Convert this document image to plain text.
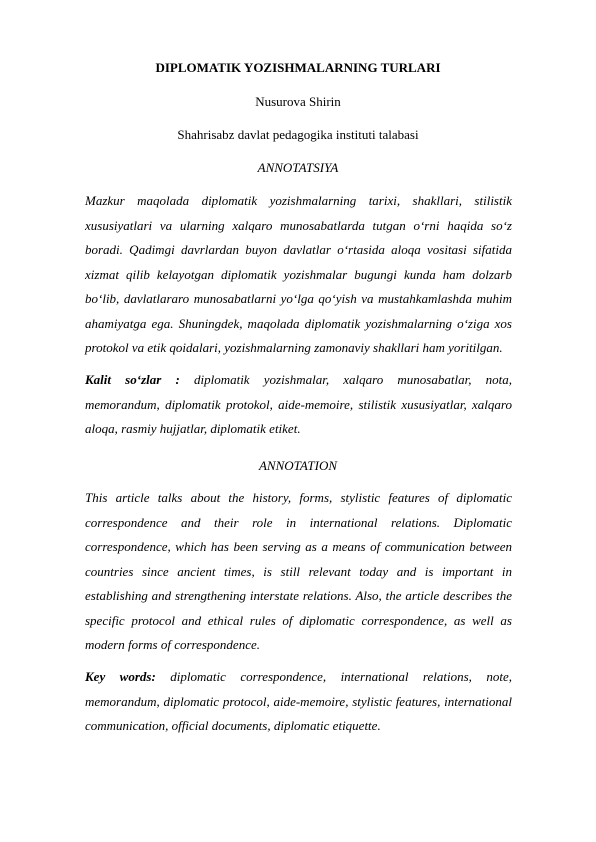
DIPLOMATIK YOZISHMALARNING TURLARI
Nusurova Shirin
Shahrisabz davlat pedagogika instituti talabasi
ANNOTATSIYA
Mazkur maqolada diplomatik yozishmalarning tarixi, shakllari, stilistik xususiyatlari va ularning xalqaro munosabatlarda tutgan o‘rni haqida so‘z boradi. Qadimgi davrlardan buyon davlatlar o‘rtasida aloqa vositasi sifatida xizmat qilib kelayotgan diplomatik yozishmalar bugungi kunda ham dolzarb bo‘lib, davlatlararo munosabatlarni yo‘lga qo‘yish va mustahkamlashda muhim ahamiyatga ega. Shuningdek, maqolada diplomatik yozishmalarning o‘ziga xos protokol va etik qoidalari, yozishmalarning zamonaviy shakllari ham yoritilgan.
Kalit so‘zlar : diplomatik yozishmalar, xalqaro munosabatlar, nota, memorandum, diplomatik protokol, aide-memoire, stilistik xususiyatlar, xalqaro aloqa, rasmiy hujjatlar, diplomatik etiket.
ANNOTATION
This article talks about the history, forms, stylistic features of diplomatic correspondence and their role in international relations. Diplomatic correspondence, which has been serving as a means of communication between countries since ancient times, is still relevant today and is important in establishing and strengthening interstate relations. Also, the article describes the specific protocol and ethical rules of diplomatic correspondence, as well as modern forms of correspondence.
Key words: diplomatic correspondence, international relations, note, memorandum, diplomatic protocol, aide-memoire, stylistic features, international communication, official documents, diplomatic etiquette.
